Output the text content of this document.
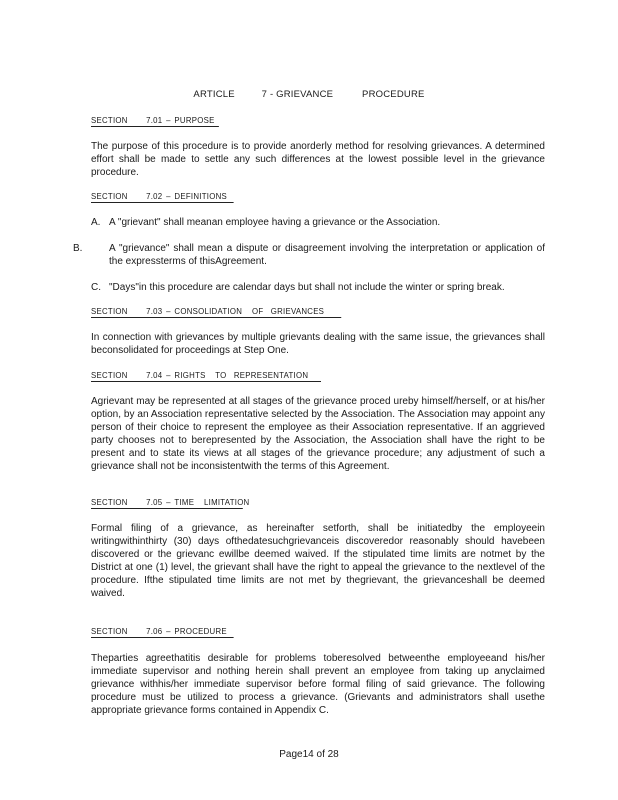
ARTICLE	7 - GRIEVANCE	PROCEDURE
SECTION 7.01 – PURPOSE
The purpose of this procedure is to provide anorderly method for resolving grievances. A determined effort shall be made to settle any such differences at the lowest possible level in the grievance procedure.
SECTION 7.02 – DEFINITIONS
A. A "grievant" shall meanan employee having a grievance or the Association.
B.	A "grievance" shall mean a dispute or disagreement involving the interpretation or application of the expressterms of thisAgreement.
C. "Days"in this procedure are calendar days but shall not include the winter or spring break.
SECTION 7.03 – CONSOLIDATION    OF   GRIEVANCES
In connection with grievances by multiple grievants dealing with the same issue, the grievances shall beconsolidated for proceedings at Step One.
SECTION 7.04 – RIGHTS    TO   REPRESENTATION
Agrievant may be represented at all stages of the grievance proced ureby himself/herself, or at his/her option, by an Association representative selected by the Association. The Association may appoint any person of their choice to represent the employee as their Association representative. If an aggrieved party chooses not to berepresented by the Association, the Association shall have the right to be present and to state its views at all stages of the grievance procedure; any adjustment of such a grievance shall not be inconsistentwith the terms of this Agreement.
SECTION 7.05 – TIME    LIMITATION
Formal filing of a grievance, as hereinafter setforth, shall be initiatedby the employeein writingwithinthirty (30) days ofthedatesuchgrievanceis discoveredor reasonably should havebeen discovered or the grievanc ewillbe deemed waived. If the stipulated time limits are notmet by the District at one (1) level, the grievant shall have the right to appeal the grievance to the nextlevel of the procedure. Ifthe stipulated time limits are not met by thegrievant, the grievanceshall be deemed waived.
SECTION 7.06 – PROCEDURE
Theparties agreethatitis desirable for problems toberesolved betweenthe employeeand his/her immediate supervisor and nothing herein shall prevent an employee from taking up anyclaimed grievance withhis/her immediate supervisor before formal filing of said grievance. The following procedure must be utilized to process a grievance. (Grievants and administrators shall usethe appropriate grievance forms contained in Appendix C.
Page14 of 28
